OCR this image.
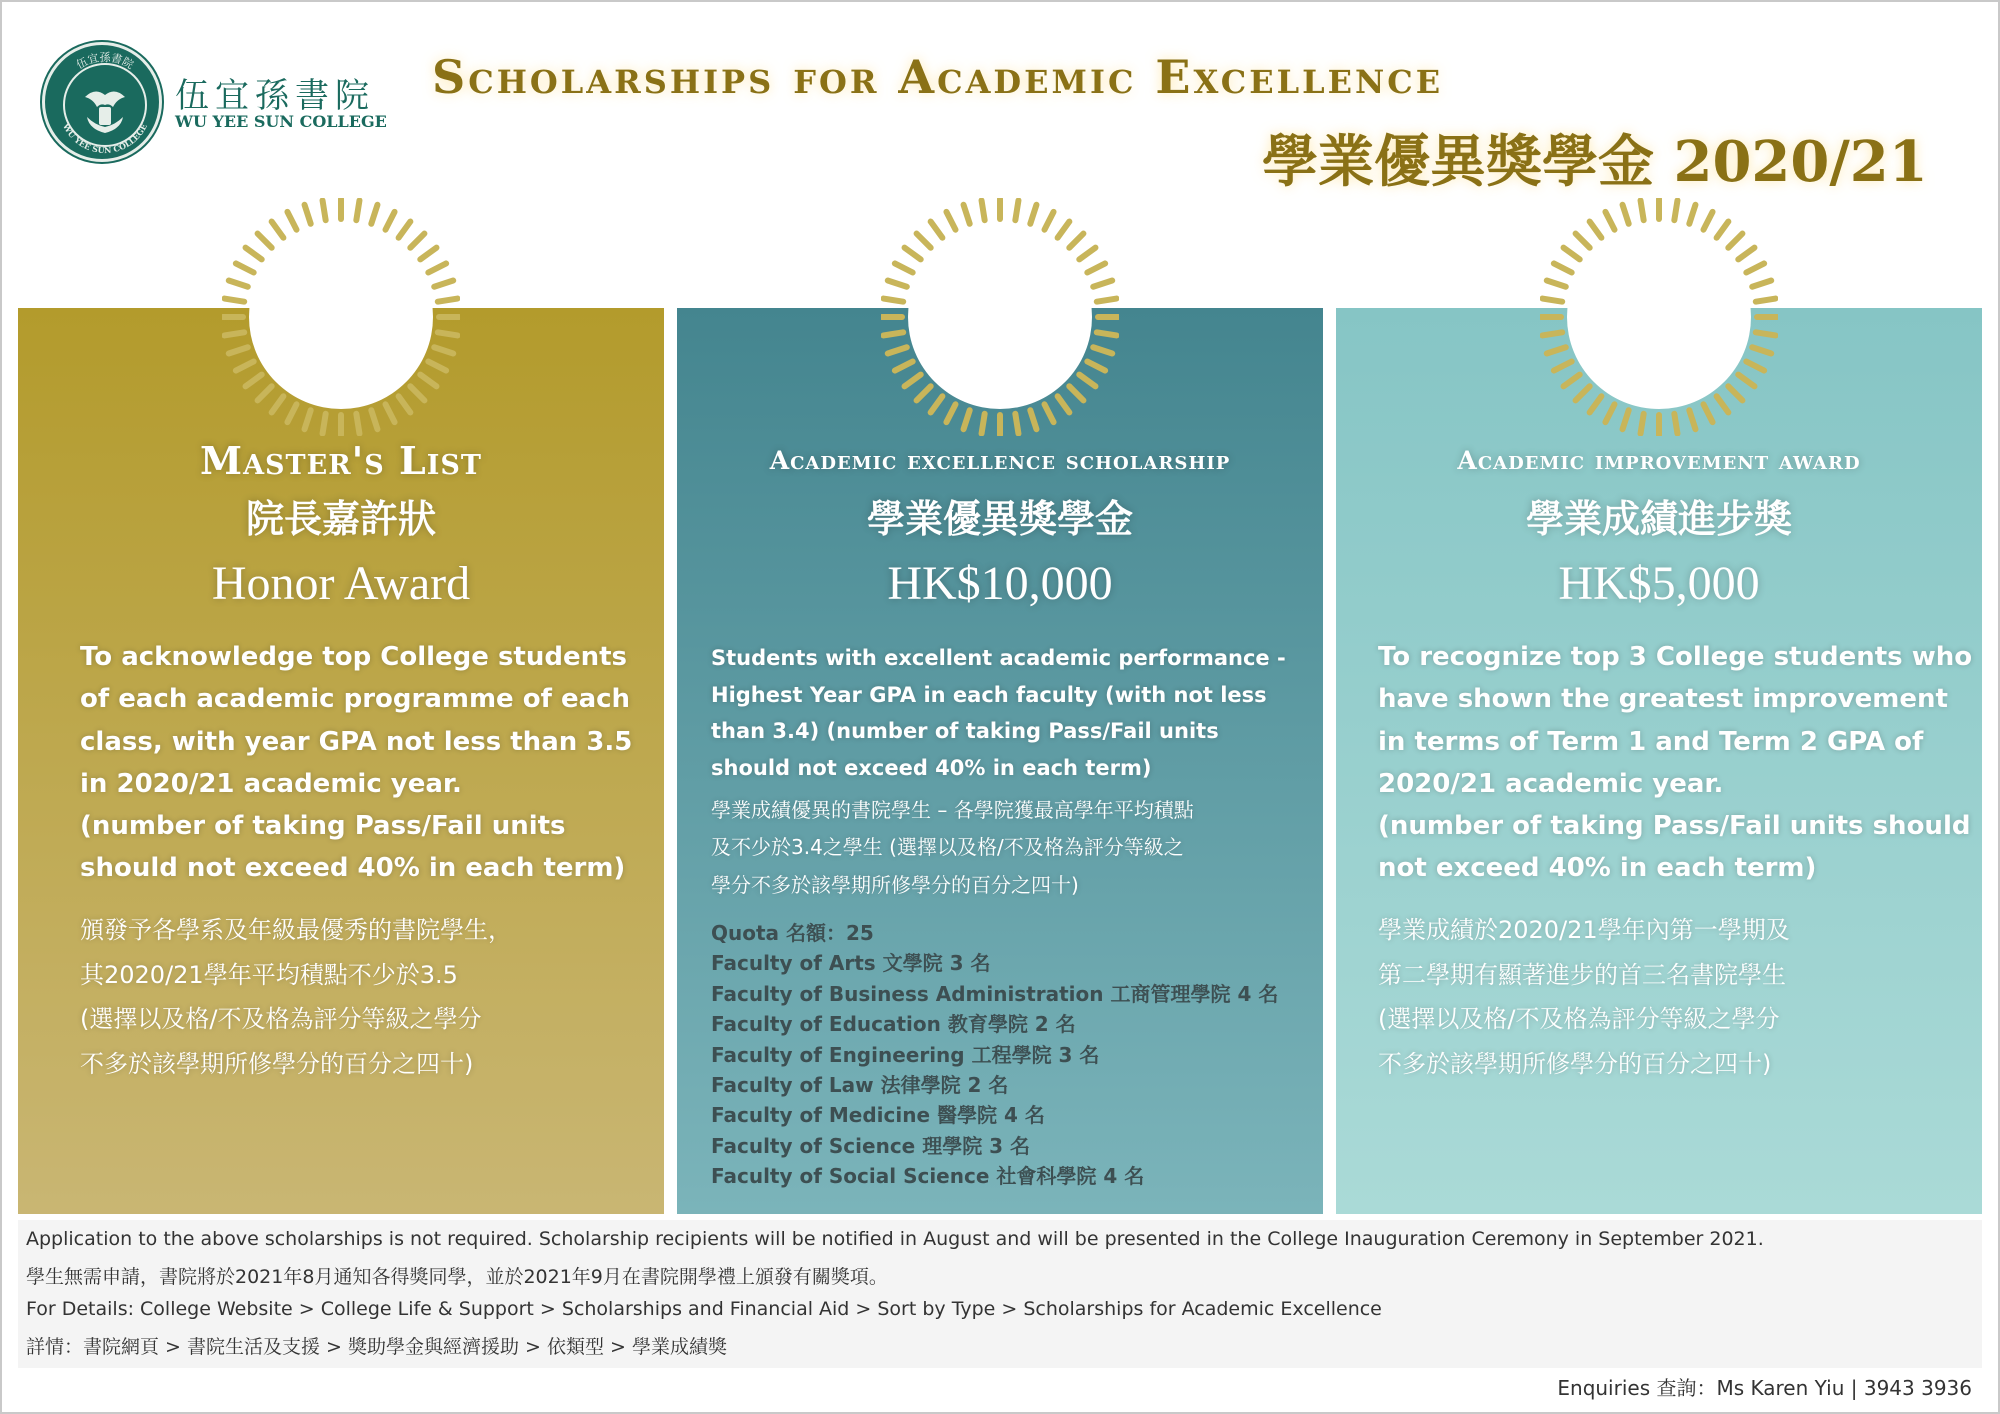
伍宜孫書院
WU YEE SUN COLLEGE
伍宜孫書院
WU YEE SUN COLLEGE
Scholarships for Academic Excellence
學業優異獎學金 2020/21
Master's List
院長嘉許狀
Honor Award
To acknowledge top College students
of each academic programme of each
class, with year GPA not less than 3.5
in 2020/21 academic year.
(number of taking Pass/Fail units
should not exceed 40% in each term)
頒發予各學系及年級最優秀的書院學生，
其2020/21學年平均積點不少於3.5
(選擇以及格/不及格為評分等級之學分
不多於該學期所修學分的百分之四十)
Academic excellence scholarship
學業優異獎學金
HK$10,000
Students with excellent academic performance -
Highest Year GPA in each faculty (with not less
than 3.4) (number of taking Pass/Fail units
should not exceed 40% in each term)
學業成績優異的書院學生 – 各學院獲最高學年平均積點
及不少於3.4之學生 (選擇以及格/不及格為評分等級之
學分不多於該學期所修學分的百分之四十)
Quota 名額：25
Faculty of Arts 文學院 3 名
Faculty of Business Administration 工商管理學院 4 名
Faculty of Education 教育學院 2 名
Faculty of Engineering 工程學院 3 名
Faculty of Law 法律學院 2 名
Faculty of Medicine 醫學院 4 名
Faculty of Science 理學院 3 名
Faculty of Social Science 社會科學院 4 名
Academic improvement award
學業成績進步獎
HK$5,000
To recognize top 3 College students who
have shown the greatest improvement
in terms of Term 1 and Term 2 GPA of
2020/21 academic year.
(number of taking Pass/Fail units should
not exceed 40% in each term)
學業成績於2020/21學年內第一學期及
第二學期有顯著進步的首三名書院學生
(選擇以及格/不及格為評分等級之學分
不多於該學期所修學分的百分之四十)
Application to the above scholarships is not required. Scholarship recipients will be notified in August and will be presented in the College Inauguration Ceremony in September 2021.
學生無需申請，書院將於2021年8月通知各得獎同學，並於2021年9月在書院開學禮上頒發有關獎項。
For Details: College Website > College Life & Support > Scholarships and Financial Aid > Sort by Type > Scholarships for Academic Excellence
詳情：書院網頁 > 書院生活及支援 > 獎助學金與經濟援助 > 依類型 > 學業成績獎
Enquiries 查詢：Ms Karen Yiu | 3943 3936
